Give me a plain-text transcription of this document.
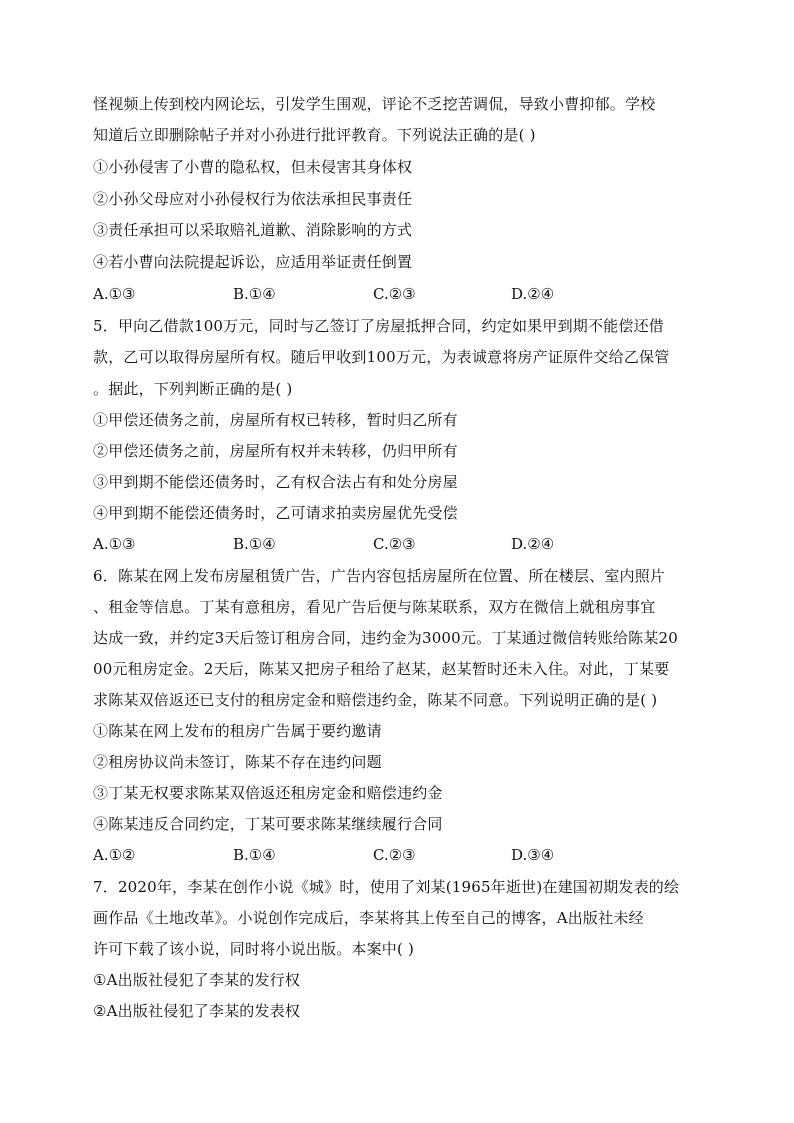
怪视频上传到校内网论坛，引发学生围观，评论不乏挖苦调侃，导致小曹抑郁。学校
知道后立即删除帖子并对小孙进行批评教育。下列说法正确的是( )
①小孙侵害了小曹的隐私权，但未侵害其身体权
②小孙父母应对小孙侵权行为依法承担民事责任
③责任承担可以采取赔礼道歉、消除影响的方式
④若小曹向法院提起诉讼，应适用举证责任倒置
A.①③	B.①④	C.②③	D.②④
5．甲向乙借款100万元，同时与乙签订了房屋抵押合同，约定如果甲到期不能偿还借
款，乙可以取得房屋所有权。随后甲收到100万元，为表诚意将房产证原件交给乙保管
。据此，下列判断正确的是( )
①甲偿还债务之前，房屋所有权已转移，暂时归乙所有
②甲偿还债务之前，房屋所有权并未转移，仍归甲所有
③甲到期不能偿还债务时，乙有权合法占有和处分房屋
④甲到期不能偿还债务时，乙可请求拍卖房屋优先受偿
A.①③	B.①④	C.②③	D.②④
6．陈某在网上发布房屋租赁广告，广告内容包括房屋所在位置、所在楼层、室内照片
、租金等信息。丁某有意租房，看见广告后便与陈某联系，双方在微信上就租房事宜
达成一致，并约定3天后签订租房合同，违约金为3000元。丁某通过微信转账给陈某20
00元租房定金。2天后，陈某又把房子租给了赵某，赵某暂时还未入住。对此，丁某要
求陈某双倍返还已支付的租房定金和赔偿违约金，陈某不同意。下列说明正确的是( )
①陈某在网上发布的租房广告属于要约邀请
②租房协议尚未签订，陈某不存在违约问题
③丁某无权要求陈某双倍返还租房定金和赔偿违约金
④陈某违反合同约定，丁某可要求陈某继续履行合同
A.①②	B.①④	C.②③	D.③④
7．2020年，李某在创作小说《城》时，使用了刘某(1965年逝世)在建国初期发表的绘
画作品《土地改革》。小说创作完成后，李某将其上传至自己的博客，A出版社未经
许可下载了该小说，同时将小说出版。本案中( )
①A出版社侵犯了李某的发行权
②A出版社侵犯了李某的发表权
